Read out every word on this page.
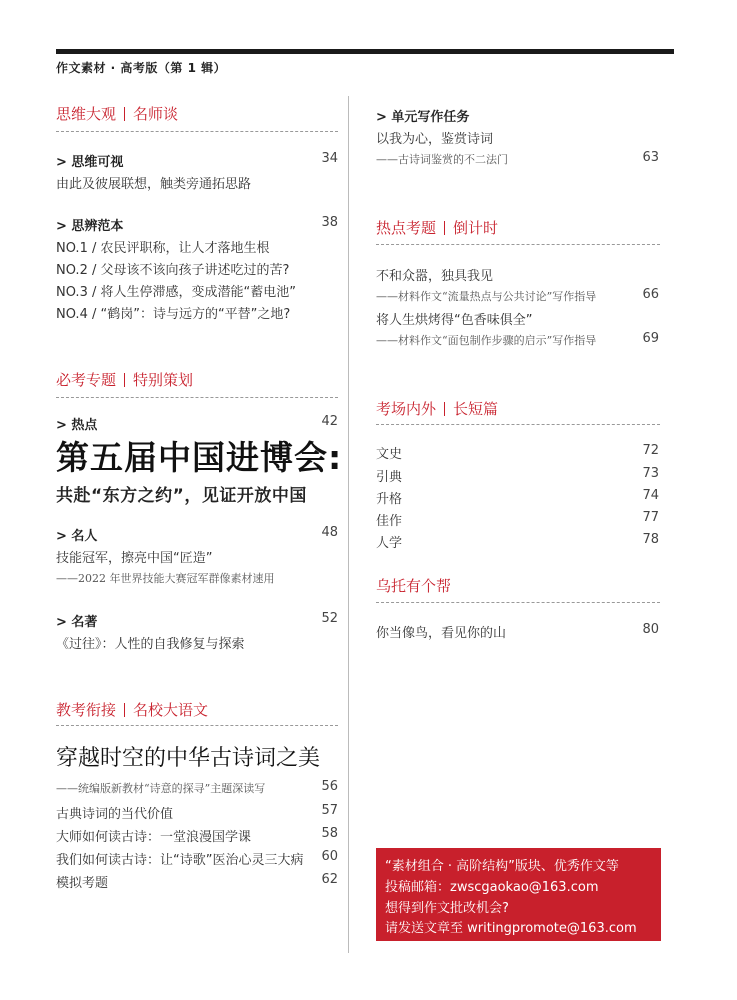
作文素材 · 高考版（第 1 辑）
思维大观 名师谈
> 思维可视	34
由此及彼展联想，触类旁通拓思路
> 思辨范本	38
NO.1 / 农民评职称，让人才落地生根
NO.2 / 父母该不该向孩子讲述吃过的苦?
NO.3 / 将人生停滞感，变成潜能“蓄电池”
NO.4 / “鹤岗”：诗与远方的“平替”之地?
必考专题 特别策划
> 热点	42
第五届中国进博会:
共赴“东方之约”，见证开放中国
> 名人	48
技能冠军，擦亮中国“匠造”
——2022 年世界技能大赛冠军群像素材速用
> 名著	52
《过往》：人性的自我修复与探索
教考衔接 名校大语文
穿越时空的中华古诗词之美
——统编版新教材“诗意的探寻”主题深读写	56
古典诗词的当代价值	57
大师如何读古诗：一堂浪漫国学课	58
我们如何读古诗：让“诗歌”医治心灵三大病	60
模拟考题	62
> 单元写作任务
以我为心，鉴赏诗词
——古诗词鉴赏的不二法门	63
热点考题 倒计时
不和众嚣，独具我见
——材料作文“流量热点与公共讨论”写作指导	66
将人生烘烤得“色香味俱全”
——材料作文“面包制作步骤的启示”写作指导	69
考场内外 长短篇
文史	72
引典	73
升格	74
佳作	77
人学	78
乌托有个帮
你当像鸟，看见你的山	80
“素材组合 · 高阶结构”版块、优秀作文等
投稿邮箱：zwscgaokao@163.com
想得到作文批改机会?
请发送文章至 writingpromote@163.com
